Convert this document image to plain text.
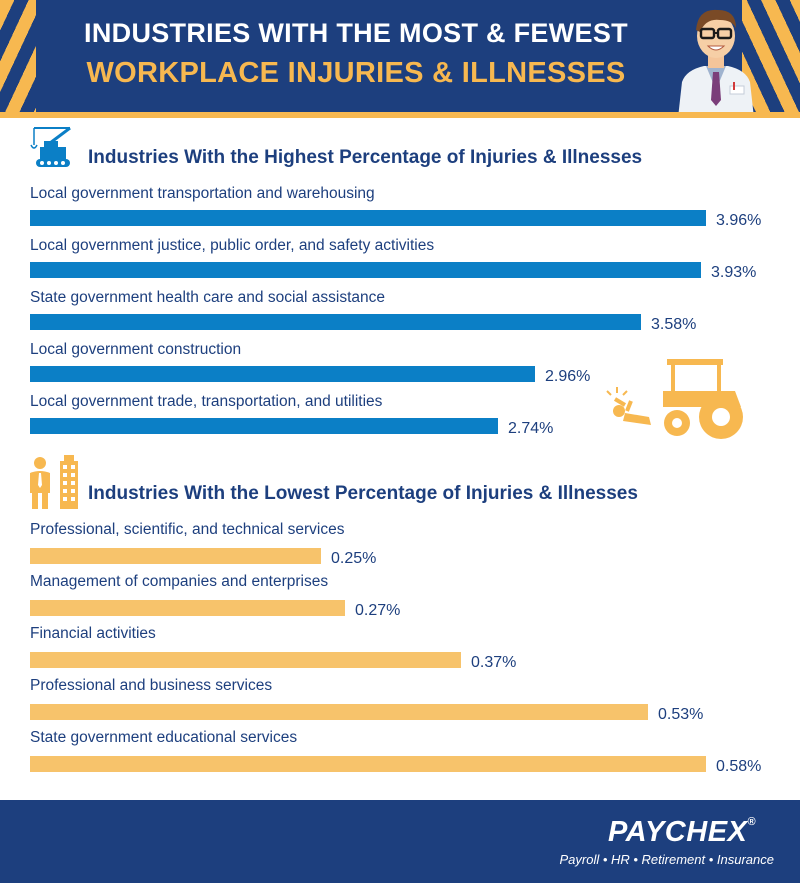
INDUSTRIES WITH THE MOST & FEWEST
WORKPLACE INJURIES & ILLNESSES
Industries With the Highest Percentage of Injuries & Illnesses
Local government transportation and warehousing
3.96%
Local government justice, public order, and safety activities
3.93%
State government health care and social assistance
3.58%
Local government construction
2.96%
Local government trade, transportation, and utilities
2.74%
Industries With the Lowest Percentage of Injuries & Illnesses
Professional, scientific, and technical services
0.25%
Management of companies and enterprises
0.27%
Financial activities
0.37%
Professional and business services
0.53%
State government educational services
0.58%
PAYCHEX®
Payroll • HR • Retirement • Insurance
